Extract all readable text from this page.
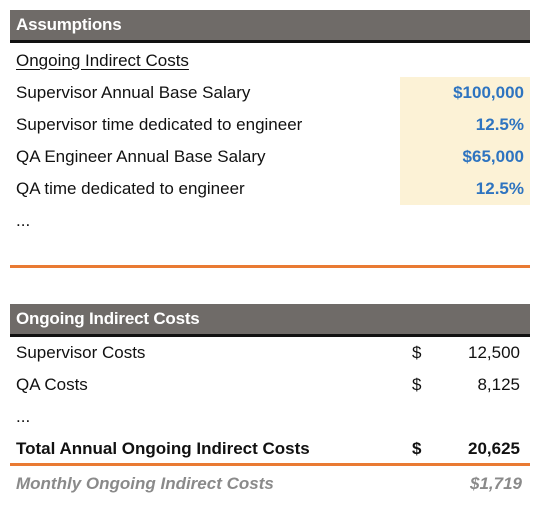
Assumptions
Ongoing Indirect Costs
Supervisor Annual Base Salary	$100,000
Supervisor time dedicated to engineer	12.5%
QA Engineer Annual Base Salary	$65,000
QA time dedicated to engineer	12.5%
...
Ongoing Indirect Costs
Supervisor Costs	$	12,500
QA Costs	$	8,125
...
Total Annual Ongoing Indirect Costs	$	20,625
Monthly Ongoing Indirect Costs	$1,719
